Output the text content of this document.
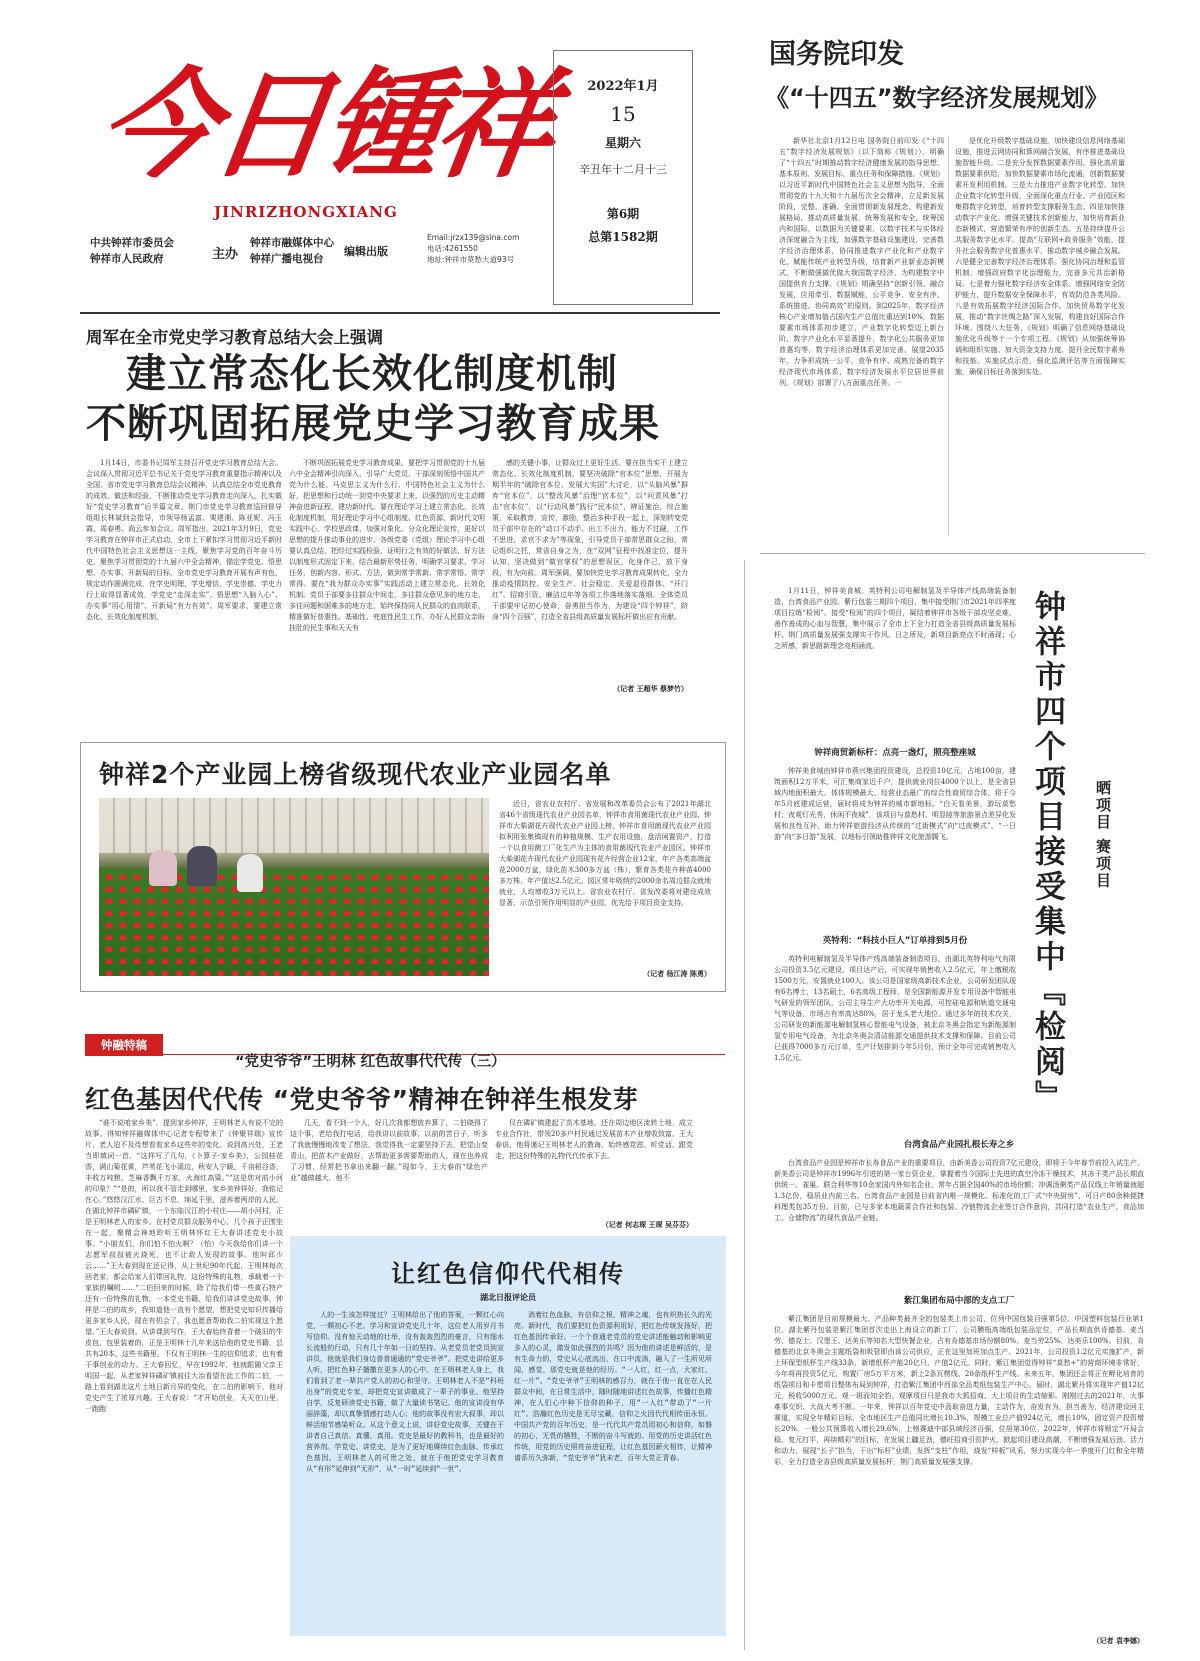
今日锺祥
JINRIZHONGXIANG
中共钟祥市委员会
钟祥市人民政府	主办
钟祥市融媒体中心
钟祥广播电视台
编辑出版
Email:jrzx139@sina.com
电话:4261550
地址:钟祥市莫愁大道93号
2022年1月
15
星期六
辛丑年十二月十三
第6期
总第1582期
国务院印发
《“十四五”数字经济发展规划》
新华社北京1月12日电 国务院日前印发《“十四五”数字经济发展规划》（以下简称《规划》），明确了“十四五”时期推动数字经济健康发展的指导思想、基本原则、发展目标、重点任务和保障措施。《规划》以习近平新时代中国特色社会主义思想为指导，全面贯彻党的十九大和十九届历次全会精神，立足新发展阶段，完整、准确、全面贯彻新发展理念，构建新发展格局，推动高质量发展，统筹发展和安全，统筹国内和国际，以数据为关键要素，以数字技术与实体经济深度融合为主线，加强数字基础设施建设，完善数字经济治理体系，协同推进数字产业化和产业数字化，赋能传统产业转型升级，培育新产业新业态新模式，不断做强做优做大我国数字经济，为构建数字中国提供有力支撑。《规划》明确坚持“创新引领、融合发展，应用牵引、数据赋能，公平竞争、安全有序，系统推进、协同高效”的原则。到2025年，数字经济核心产业增加值占国内生产总值比重达到10%，数据要素市场体系初步建立，产业数字化转型迈上新台阶，数字产业化水平显著提升，数字化公共服务更加普惠均等，数字经济治理体系更加完善。展望2035年，力争形成统一公平、竞争有序、成熟完备的数字经济现代市场体系，数字经济发展水平位居世界前列。《规划》部署了八方面重点任务。一
是优化升级数字基础设施。加快建设信息网络基础设施，推进云网协同和算网融合发展，有序推进基础设施智能升级。二是充分发挥数据要素作用。强化高质量数据要素供给，加快数据要素市场化流通，创新数据要素开发利用机制。三是大力推进产业数字化转型。加快企业数字化转型升级，全面深化重点行业、产业园区和集群数字化转型，培育转型支撑服务生态。四是加快推动数字产业化。增强关键技术创新能力，加快培育新业态新模式，营造繁荣有序的创新生态。五是持续提升公共服务数字化水平。提高“互联网+政务服务”效能，提升社会服务数字化普惠水平，推动数字城乡融合发展。六是健全完善数字经济治理体系。强化协同治理和监管机制，增强政府数字化治理能力，完善多元共治新格局。七是着力强化数字经济安全体系。增强网络安全防护能力，提升数据安全保障水平，有效防范各类风险。八是有效拓展数字经济国际合作。加快贸易数字化发展，推动“数字丝绸之路”深入发展，构建良好国际合作环境。围绕八大任务，《规划》明确了信息网络基础设施优化升级等十一个专项工程。《规划》从加强统筹协调和组织实施、加大资金支持力度、提升全民数字素养和技能、实施试点示范、强化监测评估等方面保障实施，确保目标任务落到实处。
周军在全市党史学习教育总结大会上强调
建立常态化长效化制度机制
不断巩固拓展党史学习教育成果
1月14日，市委书记周军主持召开党史学习教育总结大会。会议深入贯彻习近平总书记关于党史学习教育重要指示精神以及全国、省市党史学习教育总结会议精神，认真总结全市党史教育的成效、做法和经验，不断推动党史学习教育走向深入，扎实做好“党史学习教育”后半篇文章。荆门市党史学习教育巡回督导组组长林斌到会指导，市领导杨孟富、栗建湘、陈亚妮、冯玉霞、周春勇、尚云参加会议。周军指出，2021年3月9日，党史学习教育在钟祥市正式启动，全市上下紧扣学习贯彻习近平新时代中国特色社会主义思想这一主线，聚焦学习党的百年奋斗历史，聚焦学习贯彻党的十九届六中全会精神，锚定学党史、悟思想、办实事、开新局的目标，全市党史学习教育开展有声有色，规定动作圆满完成，在学史明理、学史增信、学史崇德、学史力行上取得显著成效，学党史“走深走实”、悟思想“入脑入心”、办实事“用心用情”、开新局“有力有效”。周军要求，要建立常态化、长效化制度机制，
不断巩固拓展党史学习教育成果。要把学习贯彻党的十九届六中全会精神引向深入，引导广大党员、干部深刻领悟中国共产党为什么能、马克思主义为什么行、中国特色社会主义为什么好，把思想和行动统一到党中央要求上来，以强烈的历史主动精神奋进新征程，建功新时代。要在理论学习上建立常态化、长效化制度机制，用好理论学习中心组制度、红色资源、新时代文明实践中心、学校思政课，加强对象化、分众化理论宣传，更好以思想的提升推动事业的进步。各级党委（党组）理论学习中心组要认真总结，把经过实践检验、证明行之有效的好做法、好方法以制度形式固定下来，结合最新形势任务，明确学习要求、学习任务，创新内容、形式、方法，做到常学常新、常学常悟、常学常得。要在“我为群众办实事”实践活动上建立常态化、长效化机制。党员干部要多往群众中间走，多往群众意见多的地方走，多往问题和困难多的地方走，始终保持同人民群众的血肉联系，精准做好普惠性、基础性、兜底性民生工作，办好人民群众亲盼挂肚的民生事和天天有
感的关键小事，让群众过上更好生活。要在担当实干上建立常态化、长效化制度机制。要坚决破除“官本位”思想，开展为期半年的“破除官本位、发展大实国”大讨论，以“头脑风暴”摒弃“官本位”，以“整改风暴”治理“官本位”，以“问责风暴”打击“官本位”，以“行动风暴”践行“民本位”，辨证施治，综合施策，采取教育，宣传，激励，整治多种手段一起上，深刻转变党员干部中存在的“动口不动手、出工不出力，能力不过硬，工作不思进，求官不求为”等现象，引导党员干部常思群众之盼，常记组织之托，常省自身之为，在“双网”征程中找准定位，提升认知，坚决做到“做官掌权”的思想误区，化身伴己，放下身段，有为向前。周军强调，要加快党史学习教育成果转化，全力推动疫情防控、安全生产、社会稳定、关爱退役群体、“开门红”、招商引资、廉洁过年等各项工作落地落实落细。全体党员干部要牢记初心使命，奋勇担当作为，为建设“四个钟祥”，跻身“四个百强”，打造全省县级高质量发展标杆做出应有贡献。
（记者 王超华 蔡梦竹）
钟祥2个产业园上榜省级现代农业产业园名单
近日，省农业农村厅、省发展和改革委员会公布了2021年湖北省46个省级现代农业产业园名单，钟祥市食用菌现代农业产业园、钟祥市大柴湖花卉现代农业产业园上榜。钟祥市食用菌现代农业产业园拟利用张集镇现有的种植规模、生产农用设施，盘活闲置资产，打造一个以食用菌工厂化生产为主体的食用菌现代农业产业园区。钟祥市大柴湖花卉现代农业产业园现有花卉经营企业12家，年产各类高端盆花2000万盆，绿化苗木300多万盆（株），繁育各类花卉种苗4000多万株，年产值达2.5亿元。园区常年吸纳约2000余名周边群众就地就业，人均增收3万元以上。省农业农村厅、省发改委将对建设成效显著、示范引领作用明显的产业园，优先给予项目资金支持。
（记者 杨江涛 陈勇）
钟融特稿
“党史爷爷”王明林 红色故事代代传（三）
红色基因代代传 “党史爷爷”精神在钟祥生根发芽
“谁不说咱家乡美”，提到家乡钟祥，王明林老人有说不完的故事。得知钟祥融媒体中心记者专程带来了《钟聚祥瑞》宣传片，老人迫不及待想看看家乡这些年的变化。说到高兴处，王老当即填词一首。“这样写了几句，《卜算子·家乡美》，公园桂花香，满山菊花黄，芦苇花飞小溪边，秋安人宁暖，千亩稻谷香，丰收万吨粮，芝麻香飘千万家，火海红高粱。”“这是您对前小河的印象？”“是的，所以我不管走到哪里，家乡美钟祥好，我铭记在心。”悠悠汉江水，巨古不息，绵延千里，滋养着两岸的人民。在湖北钟祥市磷矿镇，一个东临汉江的小村庄——胡小河村，正是王明林老人的家乡。在村党员群众服务中心，几个孩子正围坐在一起，聚精会神地聆听王明林怀红王大春讲述党史小故事。“小朋友们，你们怕不怕火啊？（怕）今天我给你们讲一个志愿军叔叔被火烧死，也不让敌人发现的故事。他叫邱少云……”王大春到现在还记得，从上世纪90年代起，王明林每次回老家，都会给家人们带回礼物，这份特殊的礼物，承载着一个家族的嘱咐……“二伯回来的时候，除了给我们带一些黄石特产还有一份特殊的礼物，一本党史书籍，给我们讲讲党史故事，钟祥是二伯的故乡，我知道他一直有个愿望，想把党史知识传播给更多家乡人民，现在有机会了，我也愿意帮助我二伯实现这个愿望。”王大春说到。从讲课到写作，王大春始终背着一个破旧的牛皮包，包里装着的，正是王明林十几年来送给他的党史书籍，总共有20本，这些书籍里，不仅有王明林一生的信仰追求，也有着干事创业的动力。王大春回忆，早在1992年，他就跟随父亲王明国一起，从老家钟祥磷矿镇前往大冶看望在此工作的二伯，一路上看到湖北这片土地日新月异的变化，在二伯的影响下，他对党史产生了浓厚兴趣。王大春说：“才开始创业，天天在山里，一跑跑
几天，看不到一个人，好几次我都想放弃算了，二伯晓得了这个事，老给我打电话，给我讲以前故事，以前的苦日子，听多了我就慢慢地改变了想法，我觉得我一定要坚持下去，把觉山变青山，把苗木产业做好，去帮助更多需要帮助的人，现在也养成了习惯，经常把书拿出来翻一翻。”现如今，王大春的“绿色产业”越做越大，他不
仅在磷矿镇建起了苗木基地，还在周边地区流转土地，成立专业合作社，带领20多户村民通过发展苗木产业增收致富。王大春说，他将谨记王明林老人的教诲，始终感党恩、听党话、跟党走，把这份特殊的礼物代代传承下去。
（记者 何志琛 王琛 吴芬芬）
让红色信仰代代相传
湖北日报评论员
人的一生该怎样度过？王明林给出了他的答案，一颗红心向党，一颗初心不老。学习和宣讲党史几十年，这位老人用岁月书写信仰。没有惊天动地的壮举，没有轰轰烈烈的豪言，只有细水长流般的行动，只有几十年如一日的坚持。从老党员老党员到宣讲员，他就是我们身边普普通通的“党史爷爷”。把党史讲给更多人听，把红色种子播撒在更多人的心中。在王明林老人身上，我们看到了老一辈共产党人的初心和坚守。王明林老人不是“科班出身”的党史专家，却把党史宣讲做成了一辈子的事业。他坚持自学，反复研读党史书籍，做了大量读书笔记。他的宣讲没有华丽辞藻，却以真挚情感打动人心；他的故事没有宏大叙事，却以鲜活细节感染听众。从这个意义上说，讲好党史故事，关键在于讲者自己真信、真懂、真用。党史是最好的教科书，也是最好的营养剂。学党史、讲党史，是为了更好地赓续红色血脉、传承红色基因。王明林老人的可贵之处，就在于他把党史学习教育从“有形”延伸到“无形”，从“一时”延续到“一世”。
淌着红色血脉，有信仰之根，精神之魂，也有炽热长久的光亮。新时代，我们要把红色资源利用好，把红色传统发扬好，把红色基因传承好。一个个普通老党员的党史讲述能触动和影响更多人的心灵，激发如此强烈的共鸣？因为他的讲述是鲜活的，是有生命力的，党史从心底流出，在口中流淌，融入了一生所见所闻，感觉，那党史就是他的经历。“一人红，红一点，大家红，红一片”。“党史爷爷”王明林的感召力，就在于他一直在在人民群众中间，在日常生活中，随时随地讲述红色故事，传播红色精神，在人们心中种下信仰的种子，用“一人红”带动了“一片红”。浩瀚红色历史是无尽宝藏，信仰之火因代代相传而永恒。中国共产党的百年历史，是一代代共产党员用初心和信仰，如磐的初心，无畏的牺牲，不断的奋斗写就的。用党的历史讲活红色传统，用党的历史照亮奋进征程，让红色基因薪火相传，让精神谱系历久弥新，“党史爷爷”犹未老，百年大党正青春。
1月11日，钟祥美食城、英特利公司电解制氢及半导体产线高端装备制造、台湾食品产业园、紫行包装三期四个项目，集中接受荆门市2021年四季度项目拉练“检阅”。接受“检阅”的四个项目，凝结着钟祥市各级干部攻坚克难、善作善成的心血与智慧，集中展示了全市上下全力打造全省县级高质量发展标杆、荆门高质量发展强支撑实干作风。日之所及，新项目新亮点不时涌现；心之所感，新思路新理念竞相涌流。	钟祥市四个项目接受集中『检阅』 晒项目 赛项目
钟祥商贸新标杆：点亮一盏灯，照亮整座城
钟祥美食城由钟祥市燕兴集团投资建设，总投资10亿元，占地100亩，建筑面积12万平米，可汇集商家近千户，提供就业岗位4000个以上，是全省县域内地面积最大、体体规模最大、经营业态最广的综合性商贸综合体，将于今年5月底建成运营，届时将成为钟祥的城市新地标。“白天看美景，游玩莫愁村；夜观灯光秀，休闲不夜城”，该项目与莫愁村、明显陵等旅游景点差异化发展和良性互补，助力钟祥旅游经济从传统的“过街模式”向“过夜模式”、“一日游”向“多日游”发展，以地标引领助推钟祥文化旅游腾飞。
英特利：“科技小巨人”订单排到5月份
英特利电解制氢及半导体产线高端装备制造项目，由湖北英特利电气有限公司投资3.5亿元建设。项目达产后，可实现年销售收入2.5亿元，年上缴税收1500万元，安置就业100人。该公司是国家级高新技术企业，公司研发团队现有6名博士，13名硕士，6名高级工程师，是全国新能源开发专用设备中智能电气研发的领军团队，公司主导生产大功率开关电源，可控硅电源和轨道交通电气等设备，市场占有率高达80%，居于龙头老大地位。通过多年的技术攻关，公司研发的新能源电解制氢核心智能电气设备，被北京冬奥会指定为新能源制氢专用电气设备，为北京冬奥会清洁能源交通提供技术支撑和保障。目前公司已获得7000多万元订单，生产计划排到今年5月份，预计全年可完成销售收入1.5亿元。
台湾食品产业园扎根长寿之乡
台湾食品产业园是钟祥市长寿食品产业的重要项目，由新美香公司投资7亿元建设，即将于今年春节前投入试生产。新美香公司是钟祥市1996年引进的第一家台资企业，掌握着当今国际上先进的真空冷冻干燥技术，其冻干类产品长期直供统一、雀巢、联合利华等10余家国内外知名企业，常年占据全国40%的市场份额；冲调汤粥类产品仅线上年销量就超1.3亿份，稳居业内前三名。台湾食品产业园是目前省内唯一规模化、标准化的工厂式“中央厨房”，可日产80余种便捷料理类包35万份。目前，已与多家本地蔬菜合作社和包装、冷链物流企业签订合作意向，共同打造“农业生产、食品加工、仓储物流”的现代食品产业链。
紫江集团布局中部的支点工厂
紫江集团是目前规模最大、产品种类最齐全的包装类上市公司，位列中国包装百强第5位、中国塑料包装行业第1位。湖北紫丹包装是紫江集团首次走出上海设立的新工厂，公司膜瓶高端纸包装品定位，产品长期直供肯德基、麦当劳、德克士、汉堡王、达美乐等知名大型快餐企业，占有肯德基市场份额80%、麦当劳25%、达美乐100%。目前，肯德基的北京冬奥会主题纸袋和吸管即由该公司供应，正在这里加班加点生产。2021年，公司投资1.2亿元实施扩产，新上环保型纸杯生产线33条、新增纸杯产能20亿只、产值2亿元。同时，紫江集团觉得钟祥“莫愁+”的营商环境非常好，今年将再投资5亿元，购置厂房5万平方米，新上2条瓦楞线、20条纸杯生产线。未来五年，集团还会将正在孵化培育的纸袋项目和卡塑项目整体布局到钟祥，打造紫江集团中西部全品类纸包装生产中心。届时，湖北紫丹将实现年产值12亿元，税收5000万元。观一斑而知全豹。观摩项目只是我市大抓招商、大上项目的生动缩影。刚刚过去的2021年，大事难事交织、大战大考不断。一年来，钟祥以百年党史中汲取奋进力量，主动作为，奋发有为，担当善为，经济建设回主赛道，实现全年精彩目标，全市地区生产总值同比增长10.3%，规模工业总产值924亿元，增长10%，固定资产投资增长20%，一般公共预算收入增长29.6%，上榜赛迪中部县域经济百强，位居第30位。2022年，钟祥市将锁定“开局会稳、复元打平，再续精彩”的目标，在发展上疆足劲，德旺招商引资护火，掀起项目建设高潮，不断增强发展后劲、活力和动力，展现“长子”担当，干出“标杆”业绩，发挥“支柱”作用，烧发“样板”风采，努力实现今年一季度开门红和全年精彩，全力打造全省县级高质量发展标杆，荆门高质量发展强支撑。
（记者 袁李娜）
